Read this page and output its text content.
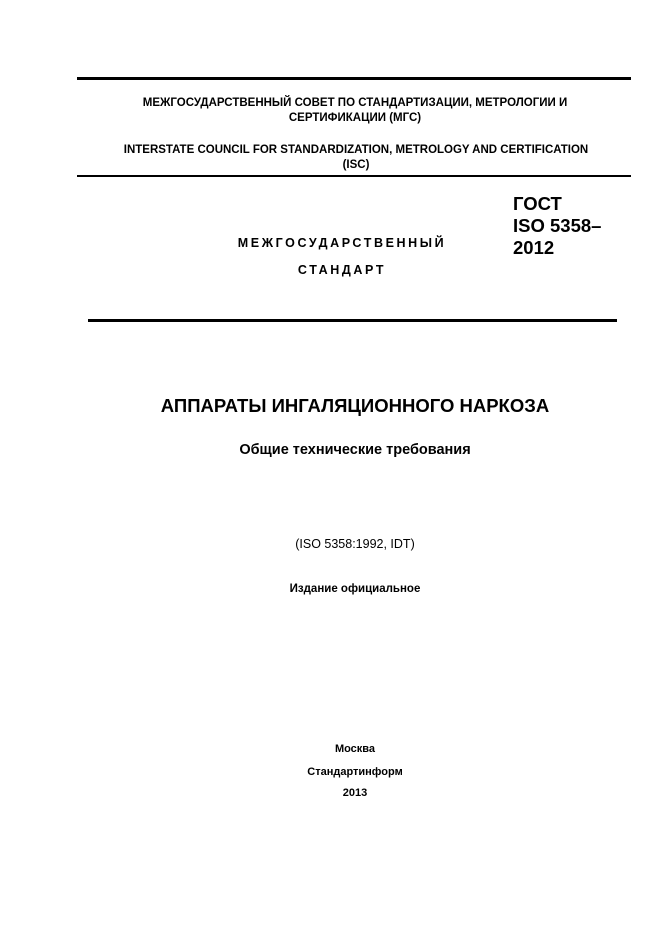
МЕЖГОСУДАРСТВЕННЫЙ СОВЕТ ПО СТАНДАРТИЗАЦИИ, МЕТРОЛОГИИ И
СЕРТИФИКАЦИИ (МГС)
INTERSTATE COUNCIL FOR STANDARDIZATION, METROLOGY AND CERTIFICATION
(ISC)
ГОСТ
ISO 5358–
2012
МЕЖГОСУДАРСТВЕННЫЙ
СТАНДАРТ
АППАРАТЫ ИНГАЛЯЦИОННОГО НАРКОЗА
Общие технические требования
(ISO 5358:1992, IDT)
Издание официальное
Москва
Стандартинформ
2013
